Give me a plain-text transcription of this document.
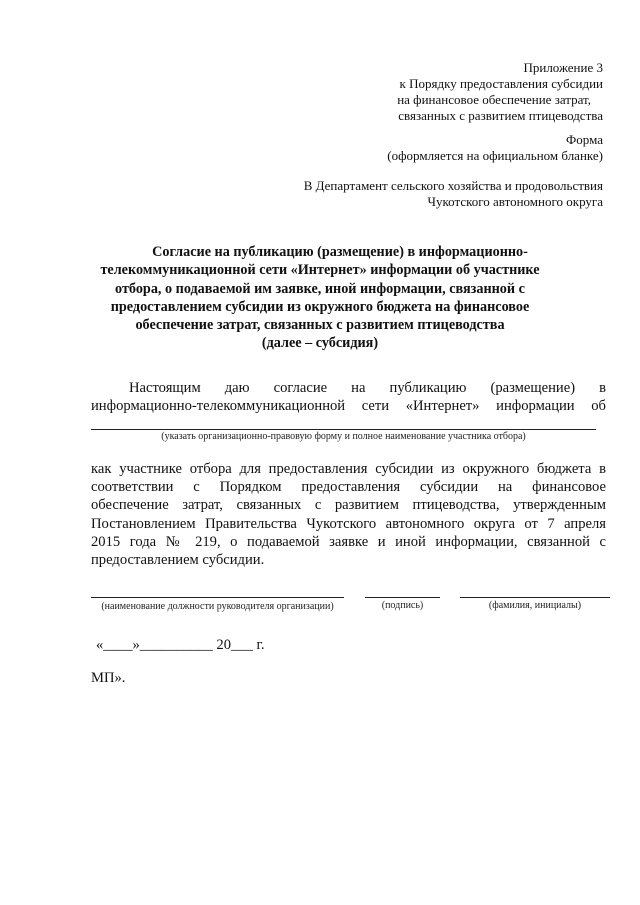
Приложение 3
к Порядку предоставления субсидии
на финансовое обеспечение затрат,
связанных с развитием птицеводства
Форма
(оформляется на официальном бланке)
В Департамент сельского хозяйства и продовольствия
Чукотского автономного округа
Согласие на публикацию (размещение) в информационно-
телекоммуникационной сети «Интернет» информации об участнике
отбора, о подаваемой им заявке, иной информации, связанной с
предоставлением субсидии из окружного бюджета на финансовое
обеспечение затрат, связанных с развитием птицеводства
(далее – субсидия)
Настоящим даю согласие на публикацию (размещение) в
информационно-телекоммуникационной сети «Интернет» информации об
(указать организационно-правовую форму и полное наименование участника отбора)
как участнике отбора для предоставления субсидии из окружного бюджета в
соответствии с Порядком предоставления субсидии на финансовое
обеспечение затрат, связанных с развитием птицеводства, утвержденным
Постановлением Правительства Чукотского автономного округа от 7 апреля
2015 года № 219, о подаваемой заявке и иной информации, связанной с
предоставлением субсидии.
(наименование должности руководителя организации)	(подпись)	(фамилия, инициалы)
«____»__________ 20___ г.
МП».
